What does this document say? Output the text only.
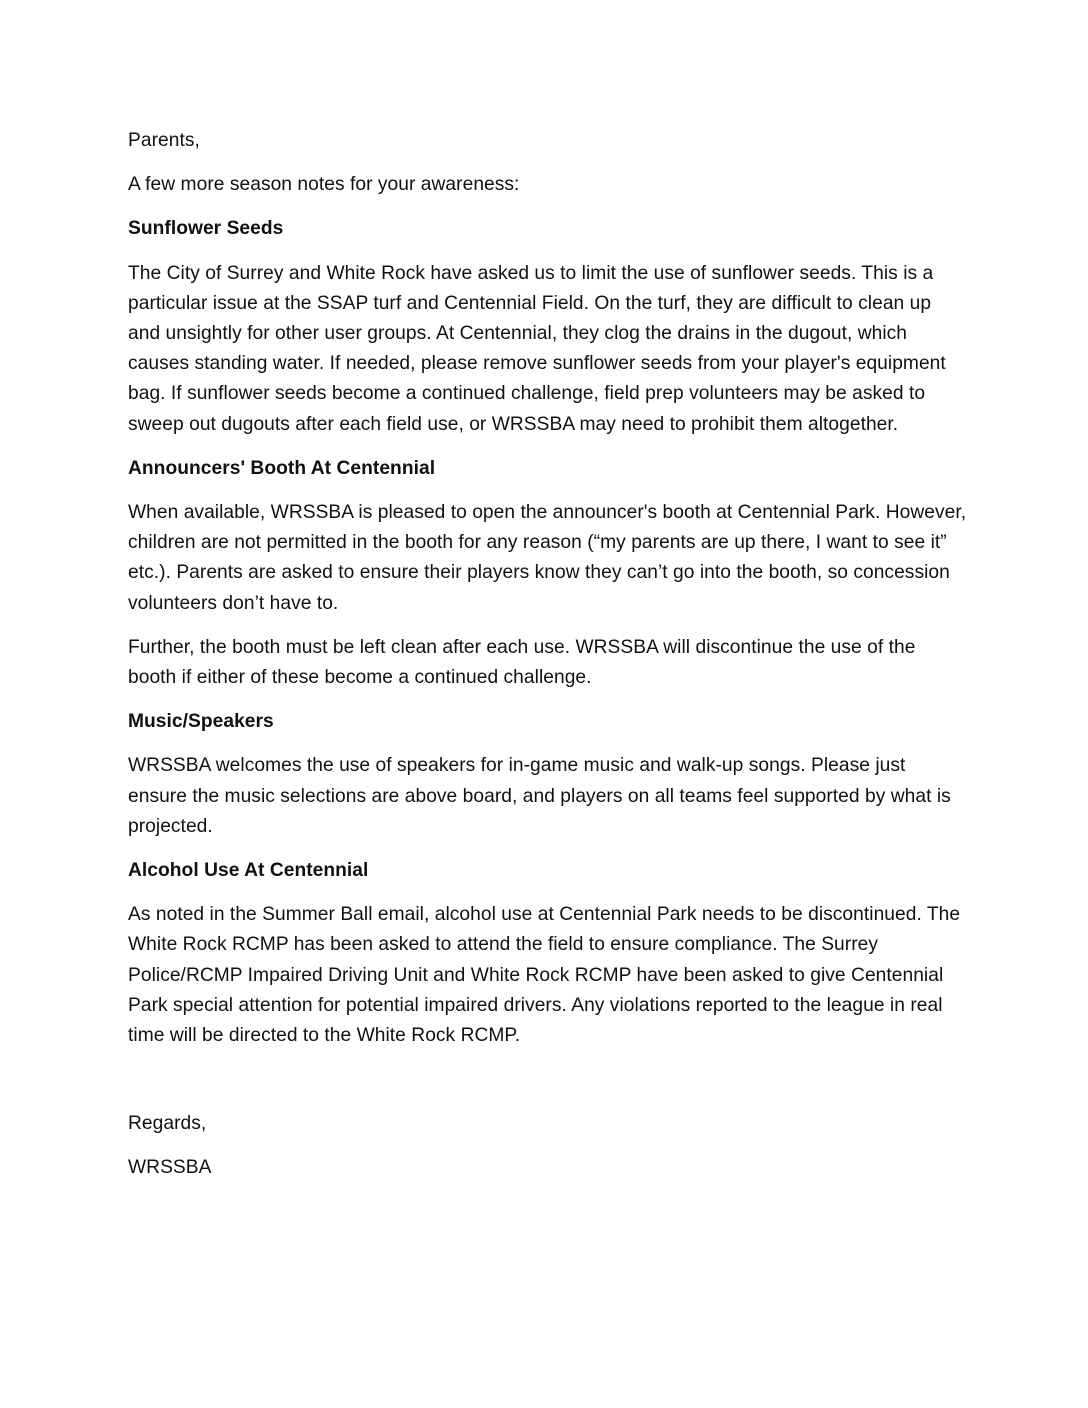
Parents,

A few more season notes for your awareness:

Sunflower Seeds

The City of Surrey and White Rock have asked us to limit the use of sunflower seeds. This is a particular issue at the SSAP turf and Centennial Field. On the turf, they are difficult to clean up and unsightly for other user groups. At Centennial, they clog the drains in the dugout, which causes standing water. If needed, please remove sunflower seeds from your player's equipment bag. If sunflower seeds become a continued challenge, field prep volunteers may be asked to sweep out dugouts after each field use, or WRSSBA may need to prohibit them altogether.

Announcers' Booth At Centennial

When available, WRSSBA is pleased to open the announcer's booth at Centennial Park. However, children are not permitted in the booth for any reason (“my parents are up there, I want to see it” etc.). Parents are asked to ensure their players know they can’t go into the booth, so concession volunteers don’t have to.

Further, the booth must be left clean after each use. WRSSBA will discontinue the use of the booth if either of these become a continued challenge.

Music/Speakers

WRSSBA welcomes the use of speakers for in-game music and walk-up songs. Please just ensure the music selections are above board, and players on all teams feel supported by what is projected.

Alcohol Use At Centennial

As noted in the Summer Ball email, alcohol use at Centennial Park needs to be discontinued. The White Rock RCMP has been asked to attend the field to ensure compliance. The Surrey Police/RCMP Impaired Driving Unit and White Rock RCMP have been asked to give Centennial Park special attention for potential impaired drivers. Any violations reported to the league in real time will be directed to the White Rock RCMP.

Regards,

WRSSBA
